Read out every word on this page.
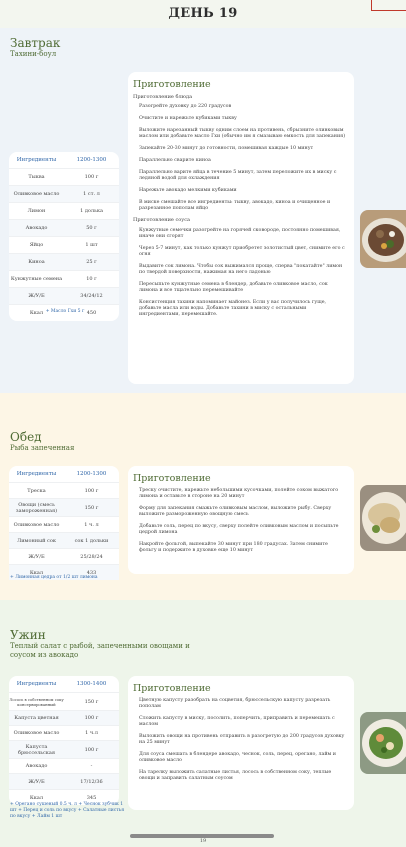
ДЕНЬ 19
Завтрак
Тахини-боул
Ингредиенты	1200-1300
Тыква	100 г
Оливковое масло	1 ст. л
Лимон	1 долька
Авокадо	50 г
Яйцо	1 шт
Киноа	25 г
Кунжутные семена	10 г
Ж/У/Б	34/24/12
Ккал	450
+ Масло Гхи 5 г
Приготовление
Приготовление блюда
Разогрейте духовку до 220 градусов
Очистите и нарежьте кубиками тыкву
Выложите нарезанный тыкву одним слоем на противень, сбрызните оливковым маслом или добавьте масло Гхи (обычно им я смазываю емкость для запекания)
Запекайте 20-30 минут до готовности, помешивая каждые 10 минут
Параллельно сварите киноа
Параллельно варите яйца в течение 5 минут, затем переложите их в миску с ледяной водой для охлаждения
Нарежьте авокадо мелкими кубиками
В миске смешайте все ингредиенты: тыкву, авокадо, киноа и очищенное и разрезанное пополам яйцо
Приготовление соуса
Кунжутные семечки разогрейте на горячей сковороде, постоянно помешивая, иначе они сгорят
Через 5-7 минут, как только кунжут приобретет золотистый цвет, снимите его с огня
Выдавите сок лимона. Чтобы сок выжимался проще, сперва "покатайте" лимон по твердой поверхности, нажимая на него ладонью
Пересыпьте кунжутные семена в блендер, добавьте оливковое масло, сок лимона и все тщательно перемешивайте
Консистенция тахини напоминает майонез. Если у вас получилось гуще, добавьте масла или воды. Добавьте тахини в миску с остальными ингредиентами, перемешайте.
Обед
Рыба запеченная
Ингредиенты	1200-1300
Треска	100 г
Овощи (смесь замороженная)	150 г
Оливковое масло	1 ч. л
Лимонный сок	сок 1 дольки
Ж/У/Б	25/28/24
Ккал	433
+ Лимонная цедра от 1/2 шт лимона
Приготовление
Треску очистите, нарежьте небольшими кусочками, полейте соком выжатого лимона и оставьте в стороне на 20 минут
Форму для запекания смажьте оливковым маслом, выложите рыбу. Сверху выложите размороженную овощную смесь
Добавьте соль, перец по вкусу, сверху полейте оливковым маслом и посыпьте цедрой лимона
Накройте фольгой, выпекайте 30 минут при 180 градусах. Затем снимите фольгу и подержите в духовке еще 10 минут
Ужин
Теплый салат с рыбой, запеченными овощами и соусом из авокадо
Ингредиенты	1300-1400
Лосось в собственном соку консервированный	150 г
Капуста цветная	100 г
Оливковое масло	1 ч.л
Капуста брюссельская	100 г
Авокадо	-
Ж/У/Б	17/12/36
Ккал	345
+ Орегано сушеный 0.5 ч. л + Чеснок зубчик 1 шт + Перец и соль по вкусу + Салатные листья по вкусу + Лайм 1 шт
Приготовление
Цветную капусту разобрать на соцветия, брюссельскую капусту разрезать пополам
Сложить капусту в миску, посолить, поперчить, приправить и перемешать с маслом
Выложить овощи на противень отправить в разогретую до 200 градусов духовку на 25 минут
Для соуса смешать в блендере авокадо, чеснок, соль, перец, орегано, лайм и оливковое масло
На тарелку выложить салатные листья, лосось в собственном соку, теплые овощи и заправить салатным соусом
19
